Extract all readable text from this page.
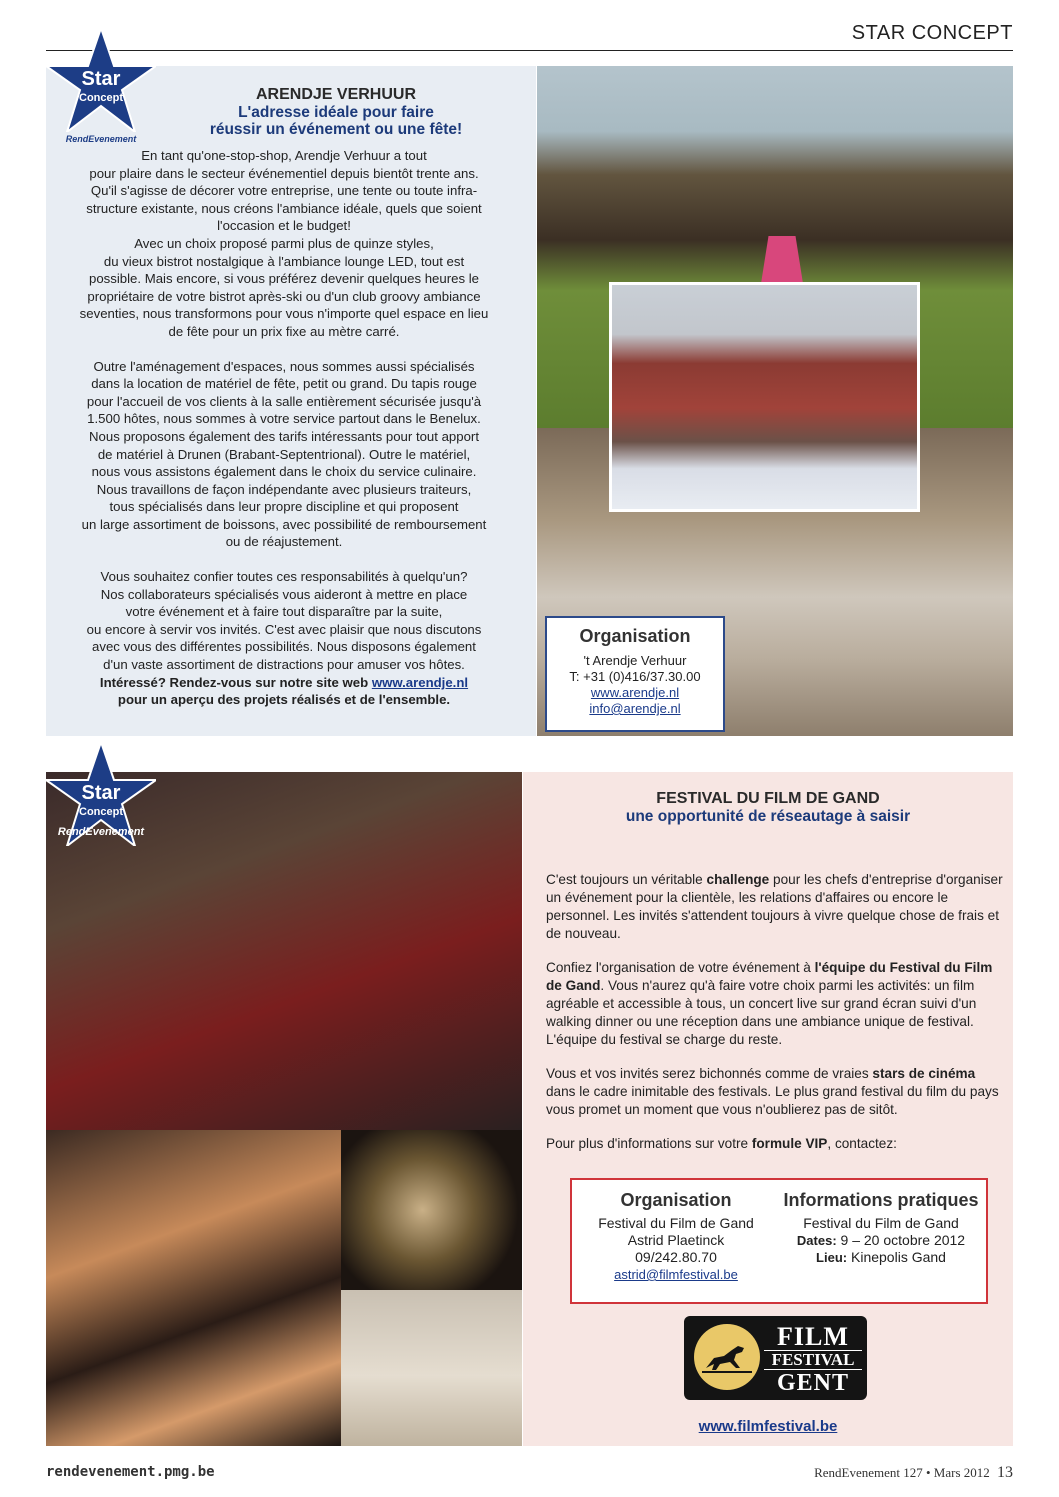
STAR CONCEPT
Star
Concept
RendEvenement
ARENDJE VERHUUR
L'adresse idéale pour faire
réussir un événement ou une fête!

En tant qu'one-stop-shop, Arendje Verhuur a tout

pour plaire dans le secteur événementiel depuis bientôt trente ans.

Qu'il s'agisse de décorer votre entreprise, une tente ou toute infra-

structure existante, nous créons l'ambiance idéale, quels que soient

l'occasion et le budget!

Avec un choix proposé parmi plus de quinze styles,

du vieux bistrot nostalgique à l'ambiance lounge LED, tout est

possible. Mais encore, si vous préférez devenir quelques heures le

propriétaire de votre bistrot après-ski ou d'un club groovy ambiance

seventies, nous transformons pour vous n'importe quel espace en lieu

de fête pour un prix fixe au mètre carré.

Outre l'aménagement d'espaces, nous sommes aussi spécialisés

dans la location de matériel de fête, petit ou grand. Du tapis rouge

pour l'accueil de vos clients à la salle entièrement sécurisée jusqu'à

1.500 hôtes, nous sommes à votre service partout dans le Benelux.

Nous proposons également des tarifs intéressants pour tout apport

de matériel à Drunen (Brabant-Septentrional). Outre le matériel,

nous vous assistons également dans le choix du service culinaire.

Nous travaillons de façon indépendante avec plusieurs traiteurs,

tous spécialisés dans leur propre discipline et qui proposent

un large assortiment de boissons, avec possibilité de remboursement

ou de réajustement.

Vous souhaitez confier toutes ces responsabilités à quelqu'un?

Nos collaborateurs spécialisés vous aideront à mettre en place

votre événement et à faire tout disparaître par la suite,

ou encore à servir vos invités. C'est avec plaisir que nous discutons

avec vous des différentes possibilités. Nous disposons également

d'un vaste assortiment de distractions pour amuser vos hôtes.

Intéressé? Rendez-vous sur notre site web www.arendje.nl

pour un aperçu des projets réalisés et de l'ensemble.

Organisation
't Arendje Verhuur
T: +31 (0)416/37.30.00
www.arendje.nl
info@arendje.nl
Star
Concept
RendEvenement
FESTIVAL DU FILM DE GAND
une opportunité de réseautage à saisir

C'est toujours un véritable challenge pour les chefs d'entreprise d'organiser un événement pour la clientèle, les relations d'affaires ou encore le personnel. Les invités s'attendent toujours à vivre quelque chose de frais et de nouveau.

Confiez l'organisation de votre événement à l'équipe du Festival du Film de Gand. Vous n'aurez qu'à faire votre choix parmi les activités: un film agréable et accessible à tous, un concert live sur grand écran suivi d'un walking dinner ou une réception dans une ambiance unique de festival. L'équipe du festival se charge du reste.

Vous et vos invités serez bichonnés comme de vraies stars de cinéma dans le cadre inimitable des festivals. Le plus grand festival du film du pays vous promet un moment que vous n'oublierez pas de sitôt.

Pour plus d'informations sur votre formule VIP, contactez:

Organisation
Festival du Film de Gand
Astrid Plaetinck
09/242.80.70
astrid@filmfestival.be
Informations pratiques
Festival du Film de Gand
Dates: 9 – 20 octobre 2012
Lieu: Kinepolis Gand
FILM
FESTIVAL
GENT
www.filmfestival.be
rendevenement.pmg.be	RendEvenement 127 • Mars 2012 13
